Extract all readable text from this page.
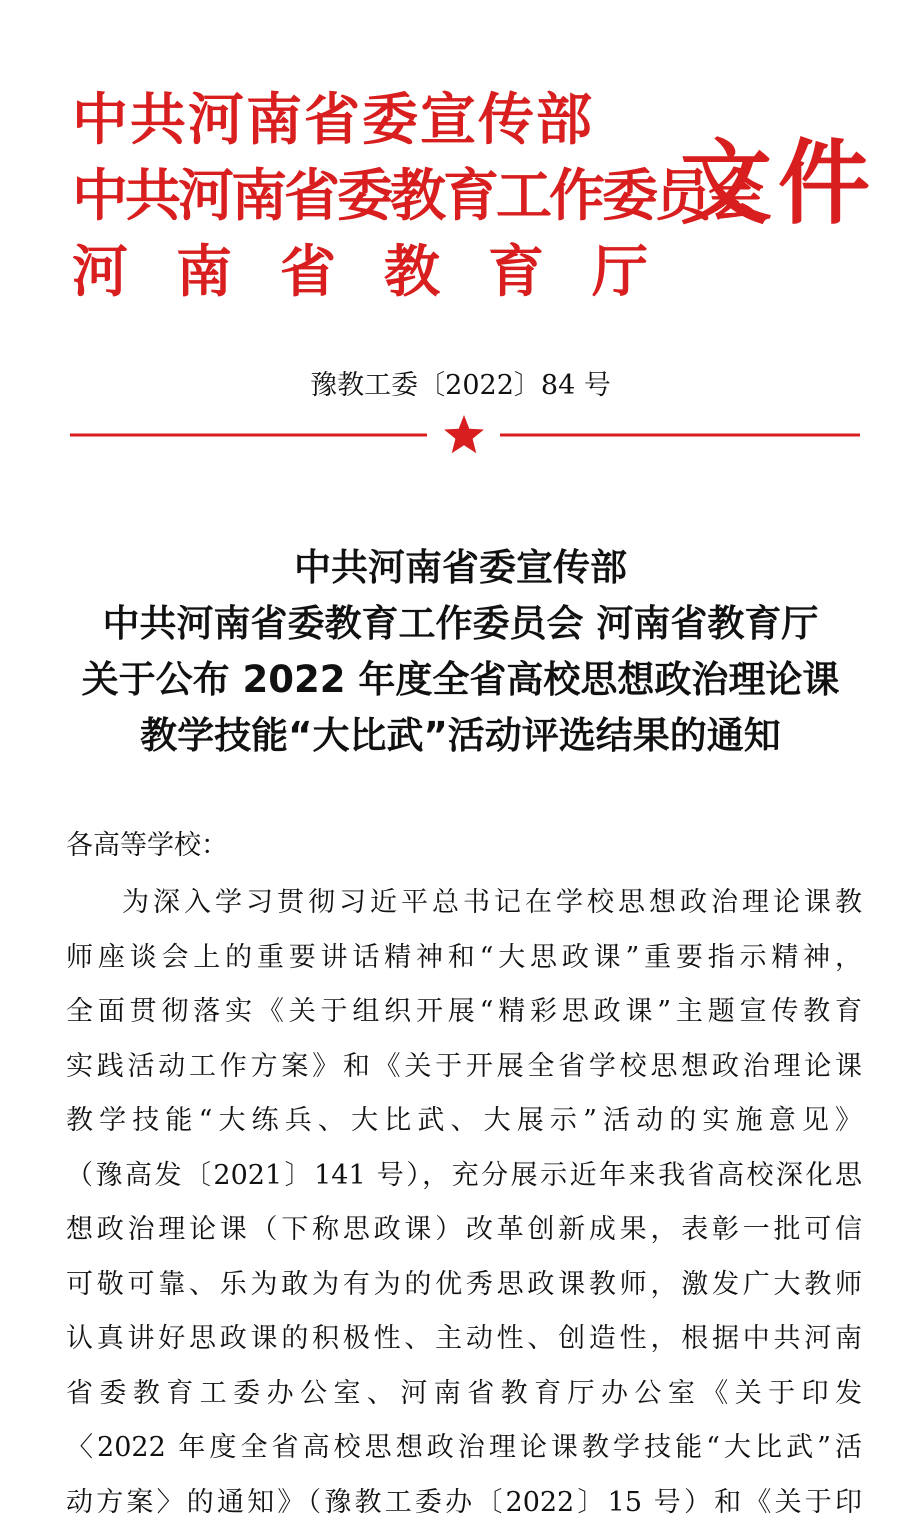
中共河南省委宣传部
中共河南省委教育工作委员会
河南省教育厅
文件
豫教工委〔2022〕84 号
中共河南省委宣传部
中共河南省委教育工作委员会 河南省教育厅
关于公布 2022 年度全省高校思想政治理论课
教学技能“大比武”活动评选结果的通知
各高等学校：
为深入学习贯彻习近平总书记在学校思想政治理论课教
师座谈会上的重要讲话精神和“大思政课”重要指示精神，
全面贯彻落实《关于组织开展“精彩思政课”主题宣传教育
实践活动工作方案》和《关于开展全省学校思想政治理论课
教学技能“大练兵、大比武、大展示”活动的实施意见》
（豫高发〔2021〕141 号），充分展示近年来我省高校深化思
想政治理论课（下称思政课）改革创新成果，表彰一批可信
可敬可靠、乐为敢为有为的优秀思政课教师，激发广大教师
认真讲好思政课的积极性、主动性、创造性，根据中共河南
省委教育工委办公室、河南省教育厅办公室《关于印发
〈2022 年度全省高校思想政治理论课教学技能“大比武”活
动方案〉的通知》（豫教工委办〔2022〕15 号）和《关于印
